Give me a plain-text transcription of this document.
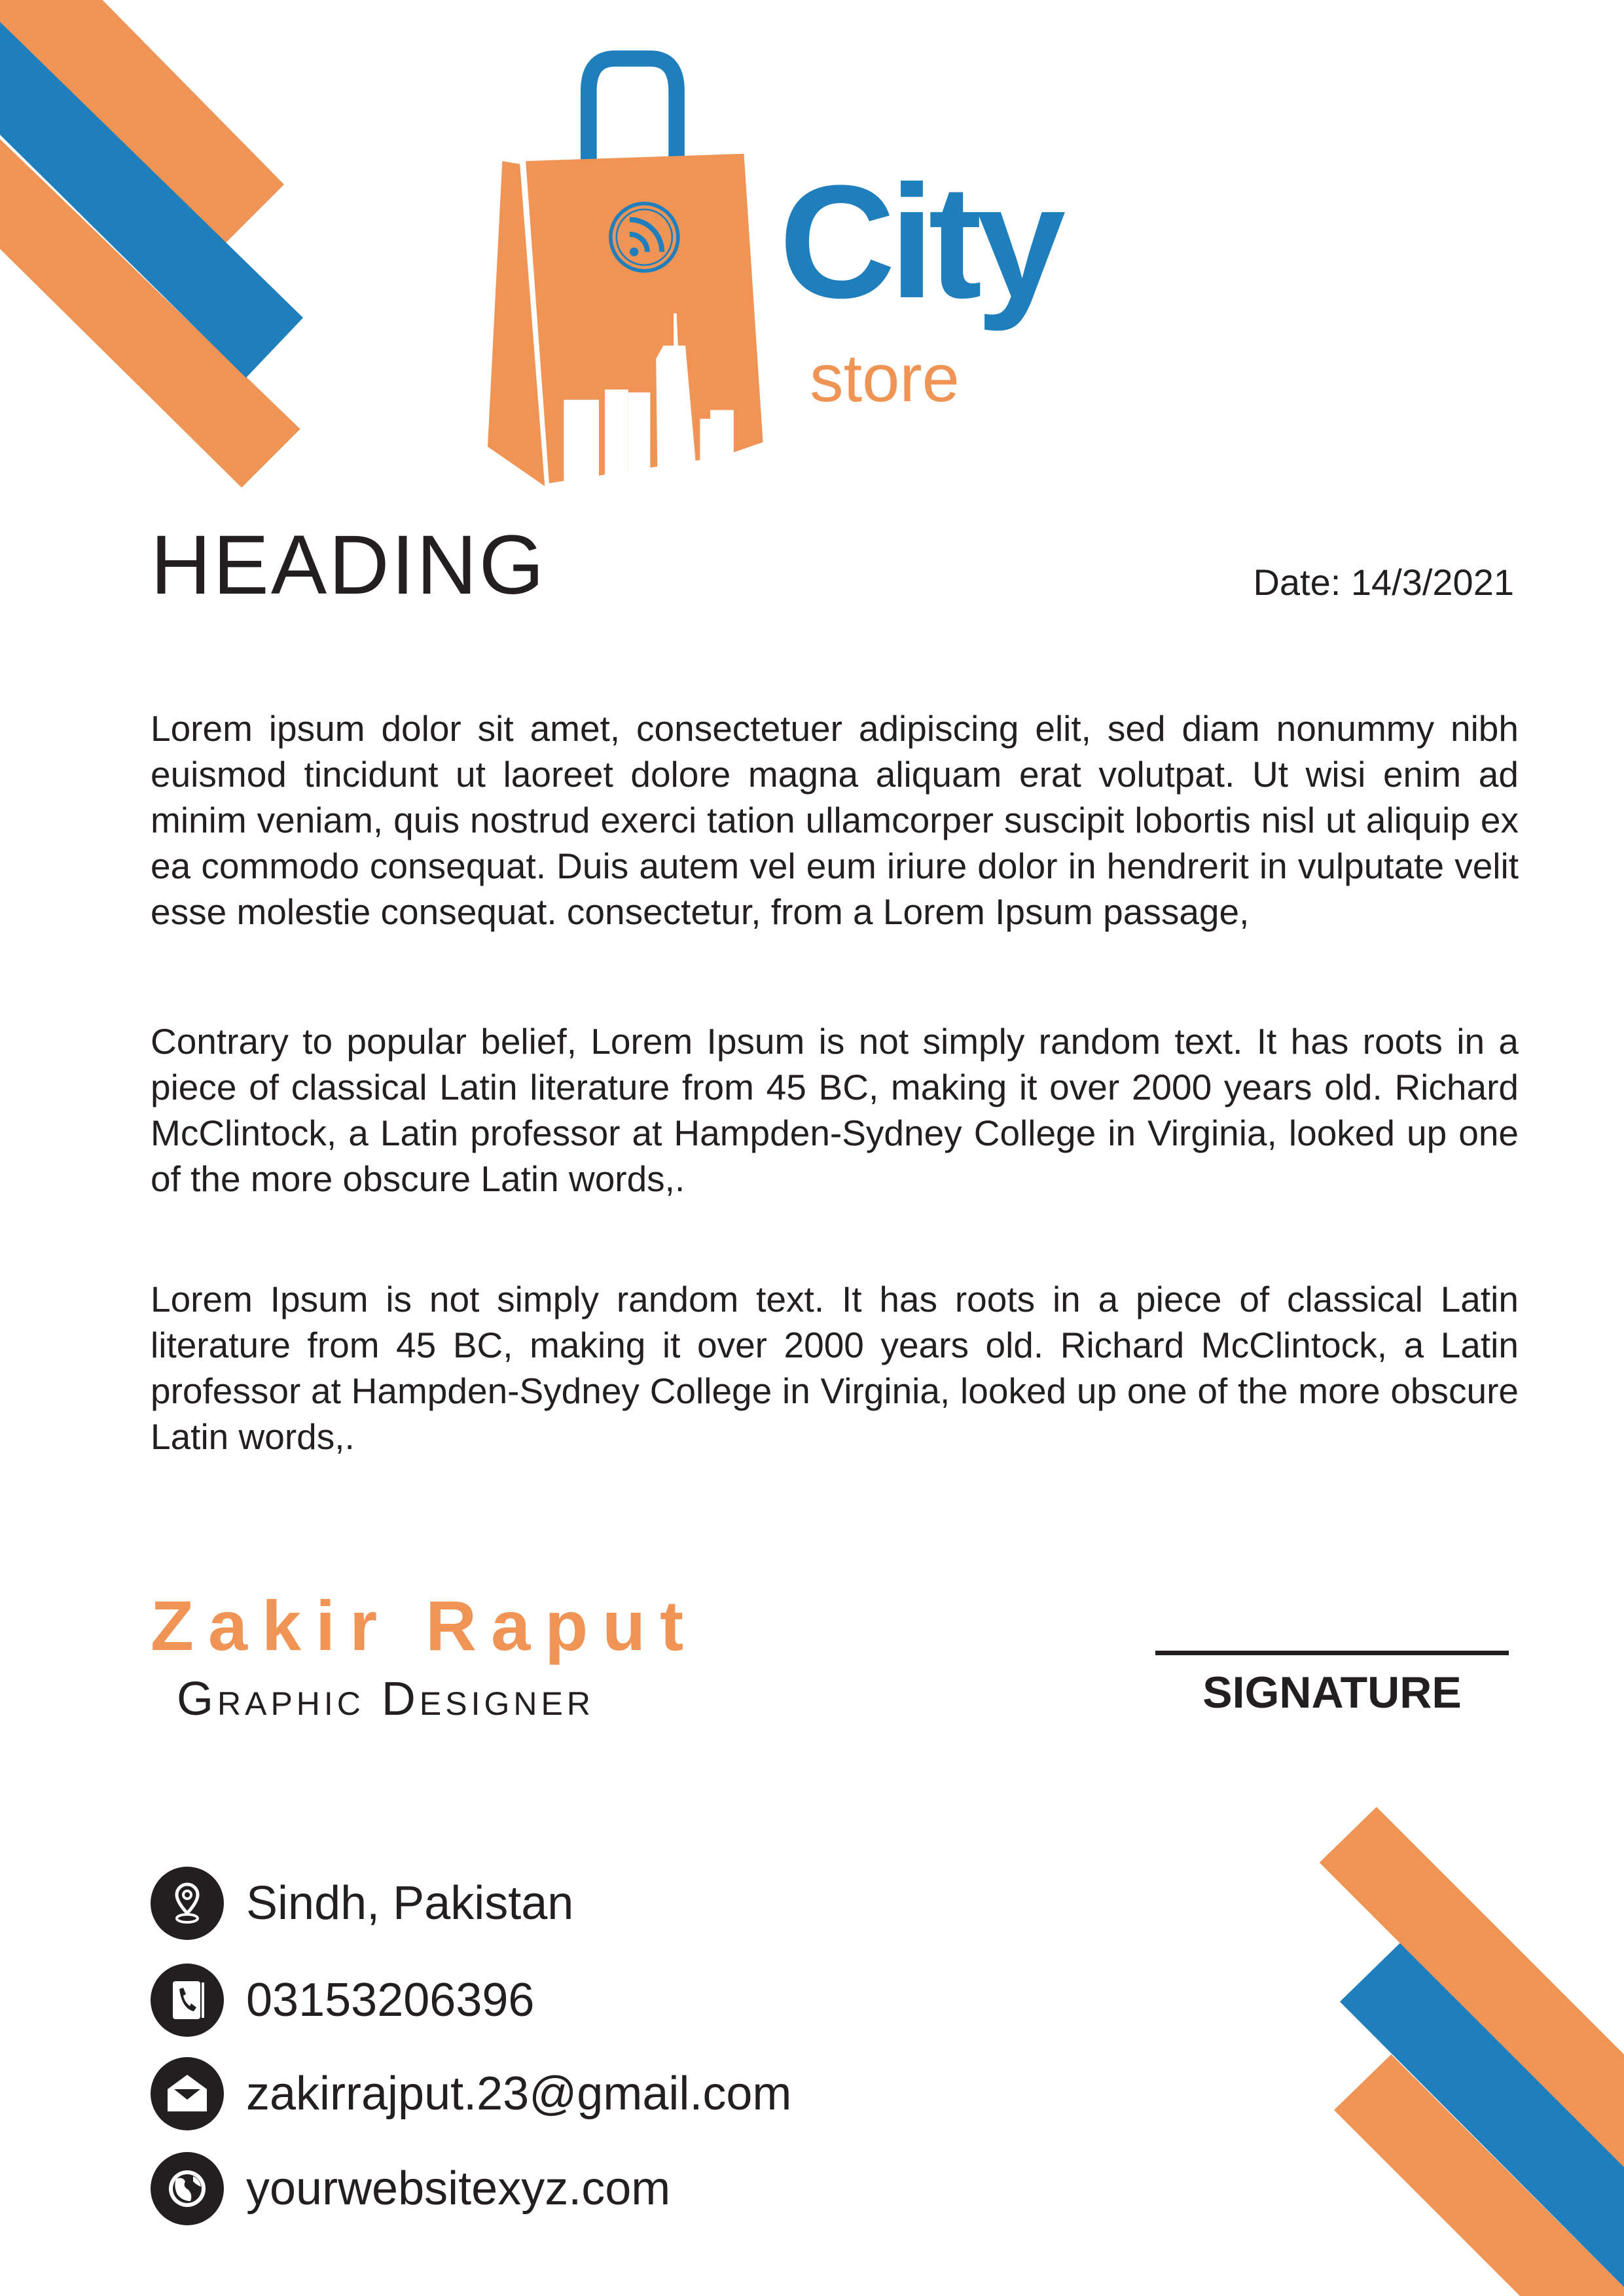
City
store
HEADING	Date: 14/3/2021

Lorem ipsum dolor sit amet, consectetuer adipiscing elit, sed diam nonummy nibh euismod tincidunt ut laoreet dolore magna aliquam erat volutpat. Ut wisi enim ad minim veniam, quis nostrud exerci tation ullamcorper suscipit lobortis nisl ut aliquip ex ea commodo consequat. Duis autem vel eum iriure dolor in hendrerit in vulputate velit esse molestie consequat. consectetur, from a Lorem Ipsum passage,

Contrary to popular belief, Lorem Ipsum is not simply random text. It has roots in a piece of classical Latin literature from 45 BC, making it over 2000 years old. Richard McClintock, a Latin professor at Hampden-Sydney College in Virginia, looked up one of the more obscure Latin words,.

Lorem Ipsum is not simply random text. It has roots in a piece of classical Latin literature from 45 BC, making it over 2000 years old. Richard McClintock, a Latin professor at Hampden-Sydney College in Virginia, looked up one of the more obscure Latin words,.

Zakir Raput
Graphic Designer	SIGNATURE
Sindh, Pakistan
03153206396
zakirrajput.23@gmail.com
yourwebsitexyz.com
